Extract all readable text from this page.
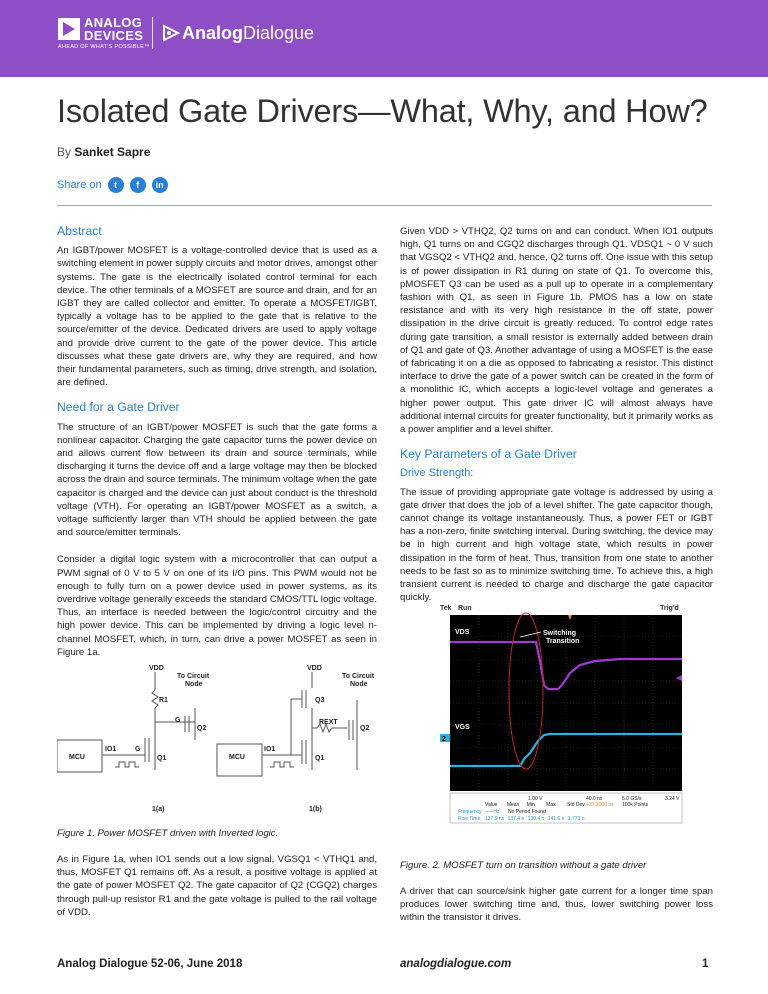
ANALOG
DEVICES
AHEAD OF WHAT'S POSSIBLE™
AnalogDialogue
Isolated Gate Drivers—What, Why, and How?
By Sanket Sapre
Share on	t	f	in
Abstract

An IGBT/power MOSFET is a voltage-controlled device that is used as a switching element in power supply circuits and motor drives, amongst other systems. The gate is the electrically isolated control terminal for each device. The other terminals of a MOSFET are source and drain, and for an IGBT they are called collector and emitter. To operate a MOSFET/IGBT, typically a voltage has to be applied to the gate that is relative to the source/emitter of the device. Dedicated drivers are used to apply voltage and provide drive current to the gate of the power device. This article discusses what these gate drivers are, why they are required, and how their fundamental parameters, such as timing, drive strength, and isolation, are defined.

Need for a Gate Driver

The structure of an IGBT/power MOSFET is such that the gate forms a nonlinear capacitor. Charging the gate capacitor turns the power device on and allows current flow between its drain and source terminals, while discharging it turns the device off and a large voltage may then be blocked across the drain and source terminals. The minimum voltage when the gate capacitor is charged and the device can just about conduct is the threshold voltage (VTH). For operating an IGBT/power MOSFET as a switch, a voltage sufficiently larger than VTH should be applied between the gate and source/emitter terminals.

Consider a digital logic system with a microcontroller that can output a PWM signal of 0 V to 5 V on one of its I/O pins. This PWM would not be enough to fully turn on a power device used in power systems, as its overdrive voltage generally exceeds the standard CMOS/TTL logic voltage. Thus, an interface is needed between the logic/control circuitry and the high power device. This can be implemented by driving a logic level n-channel MOSFET, which, in turn, can drive a power MOSFET as seen in Figure 1a.

VDD
To Circuit
Node
R1
MCU
IO1	G
Q1
Q2
G
1(a)
VDD
To Circuit
Node
Q3
REXT
Q2
MCU
IO1
Q1
1(b)
Figure 1. Power MOSFET driven with Inverted logic.

As in Figure 1a, when IO1 sends out a low signal, VGSQ1 < VTHQ1 and, thus, MOSFET Q1 remains off. As a result, a positive voltage is applied at the gate of power MOSFET Q2. The gate capacitor of Q2 (CGQ2) charges through pull-up resistor R1 and the gate voltage is pulled to the rail voltage of VDD.

Given VDD > VTHQ2, Q2 turns on and can conduct. When IO1 outputs high, Q1 turns on and CGQ2 discharges through Q1. VDSQ1 ~ 0 V such that VGSQ2 < VTHQ2 and, hence, Q2 turns off. One issue with this setup is of power dissipation in R1 during on state of Q1. To overcome this, pMOSFET Q3 can be used as a pull up to operate in a complementary fashion with Q1, as seen in Figure 1b. PMOS has a low on state resistance and with its very high resistance in the off state, power dissipation in the drive circuit is greatly reduced. To control edge rates during gate transition, a small resistor is externally added between drain of Q1 and gate of Q3. Another advantage of using a MOSFET is the ease of fabricating it on a die as opposed to fabricating a resistor. This distinct interface to drive the gate of a power switch can be created in the form of a monolithic IC, which accepts a logic-level voltage and generates a higher power output. This gate driver IC will almost always have additional internal circuits for greater functionality, but it primarily works as a power amplifier and a level shifter.

Key Parameters of a Gate Driver
Drive Strength:

The issue of providing appropriate gate voltage is addressed by using a gate driver that does the job of a level shifter. The gate capacitor though, cannot change its voltage instantaneously. Thus, a power FET or IGBT has a non-zero, finite switching interval. During switching, the device may be in high current and high voltage state, which results in power dissipation in the form of heat. Thus, transition from one state to another needs to be fast so as to minimize switching time. To achieve this, a high transient current is needed to charge and discharge the gate capacitor quickly.

Tek Run	Trig'd
VDS
VGS
Switching
Transition
2
1.00 V	40.0 ns	5.0 GS/s	3.24 V
+27.2000 ns 100k Points
Value Mean Min Max Std Dev
Frequency -----Hz No Period Found
Rise Time 137.9 ns 137.4 n 130.4 n 141.6 n 1.773 n
Figure. 2. MOSFET turn on transition without a gate driver

A driver that can source/sink higher gate current for a longer time span produces lower switching time and, thus, lower switching power loss within the transistor it drives.

Analog Dialogue 52-06, June 2018	analogdialogue.com	1
